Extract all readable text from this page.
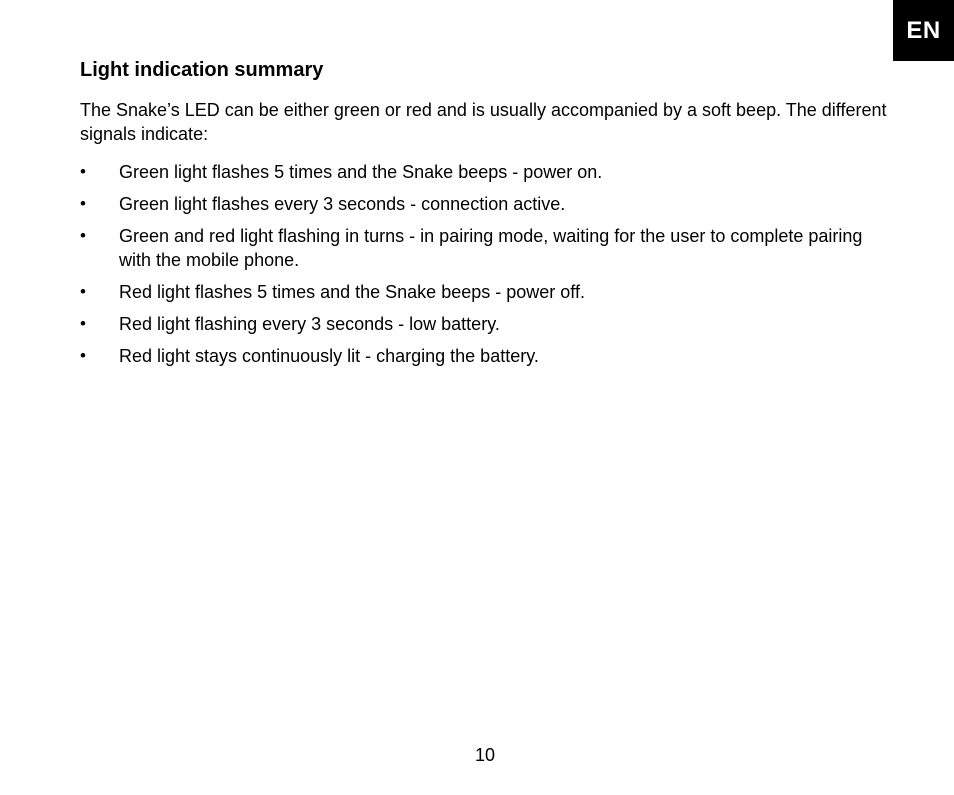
EN
Light indication summary

The Snake’s LED can be either green or red and is usually accompanied by a soft beep. The different signals indicate:

• Green light flashes 5 times and the Snake beeps - power on.
• Green light flashes every 3 seconds - connection active.
• Green and red light flashing in turns - in pairing mode, waiting for the user to complete pairing with the mobile phone.
• Red light flashes 5 times and the Snake beeps - power off.
• Red light flashing every 3 seconds - low battery.
• Red light stays continuously lit - charging the battery.
10
